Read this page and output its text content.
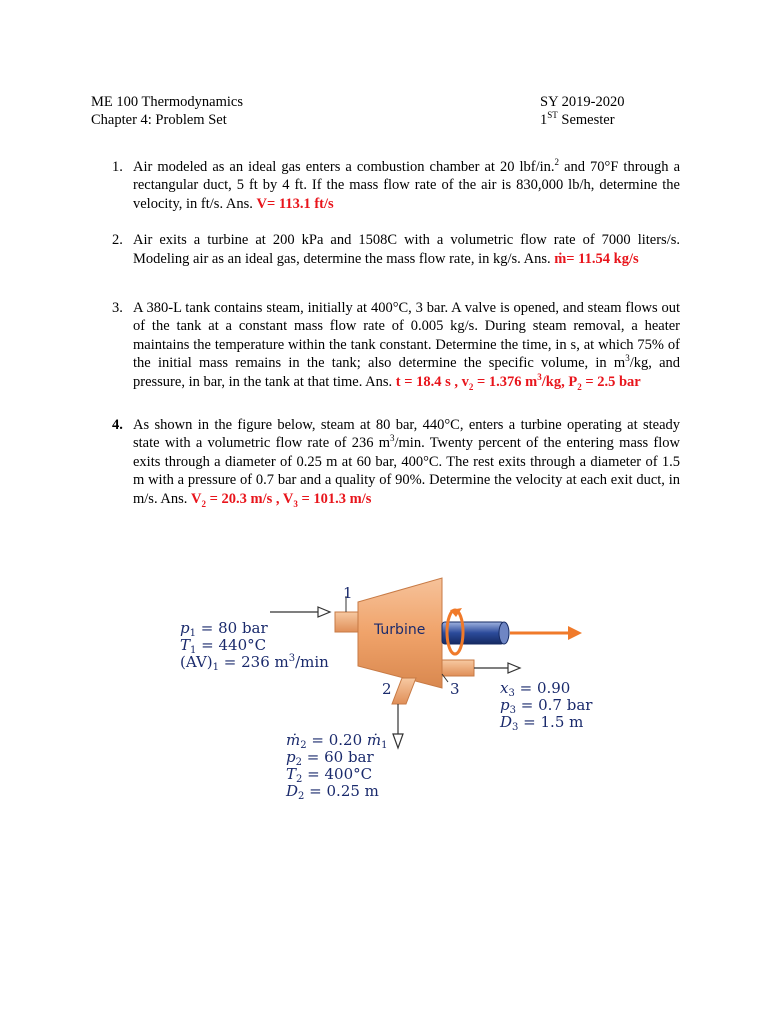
ME 100 Thermodynamics
Chapter 4: Problem Set
SY 2019-2020
1ST Semester
1. Air modeled as an ideal gas enters a combustion chamber at 20 lbf/in.$^2$ and 70°F through a rectangular duct, 5 ft by 4 ft. If the mass flow rate of the air is 830,000 lb/h, determine the velocity, in ft/s. Ans. V= 113.1 ft/s
2. Air exits a turbine at 200 kPa and 1508C with a volumetric flow rate of 7000 liters/s. Modeling air as an ideal gas, determine the mass flow rate, in kg/s. Ans. ṁ= 11.54 kg/s
3. A 380-L tank contains steam, initially at 400°C, 3 bar. A valve is opened, and steam flows out of the tank at a constant mass flow rate of 0.005 kg/s. During steam removal, a heater maintains the temperature within the tank constant. Determine the time, in s, at which 75% of the initial mass remains in the tank; also determine the specific volume, in $m^3/kg$, and pressure, in bar, in the tank at that time. Ans. t = 18.4 s , $v_2 = 1.376$ $m^3/kg$, $P_2 = 2.5$ bar
4. As shown in the figure below, steam at 80 bar, 440°C, enters a turbine operating at steady state with a volumetric flow rate of 236 $m^3/\min$. Twenty percent of the entering mass flow exits through a diameter of 0.25 m at 60 bar, 400°C. The rest exits through a diameter of 1.5 m with a pressure of 0.7 bar and a quality of 90%. Determine the velocity at each exit duct, in m/s. Ans. $V_2 = 20.3$ m/s , $V_3 = 101.3$ m/s
Turbine
1
2	3
$p_1 = 80$ bar
$T_1 = 440^\circ C$
$(AV)_1 = 236$ $m^3/\min$
ṁ$_2$ = 0.20 ṁ$_1$
$p_2 = 60$ bar
$T_2 = 400^\circ C$
$D_2 = 0.25$ m
$x_3 = 0.90$
$p_3 = 0.7$ bar
$D_3 = 1.5$ m
